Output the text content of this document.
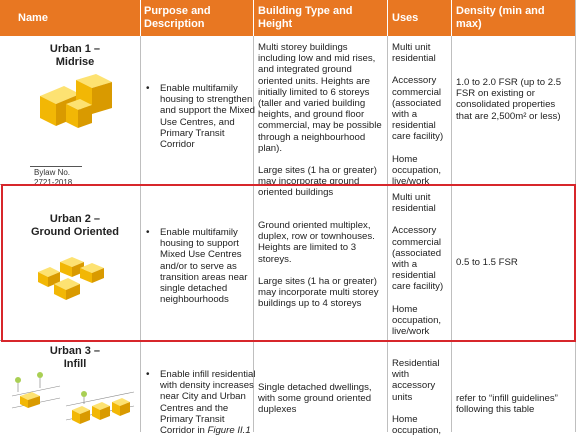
Name
Purpose and Description
Building Type and Height
Uses
Density (min and max)
Urban 1 –
Midrise
Bylaw No.
2721-2018
• Enable multifamily housing to strengthen and support the Mixed Use Centres, and Primary Transit Corridor

Multi storey buildings including low and mid rises, and integrated ground oriented units. Heights are initially limited to 6 storeys (taller and varied building heights, and ground floor commercial, may be possible through a neighbourhood plan).

Large sites (1 ha or greater) may incorporate ground oriented buildings

Multi unit residential

Accessory commercial (associated with a residential care facility)

Home occupation, live/work

1.0 to 2.0 FSR (up to 2.5 FSR on existing or consolidated properties that are 2,500m² or less)
Urban 2 –
Ground Oriented	• Enable multifamily housing to support Mixed Use Centres and/or to serve as transition areas near single detached neighbourhoods

Ground oriented multiplex, duplex, row or townhouses. Heights are limited to 3 storeys.

Large sites (1 ha or greater) may incorporate multi storey buildings up to 4 storeys

Multi unit residential

Accessory commercial (associated with a residential care facility)

Home occupation, live/work

0.5 to 1.5 FSR
Urban 3 –
Infill
• Enable infill residential with density increases near City and Urban Centres and the Primary Transit Corridor in Figure II.1
Single detached dwellings, with some ground oriented duplexes

Residential with accessory units

Home occupation,

refer to “infill guidelines” following this table
